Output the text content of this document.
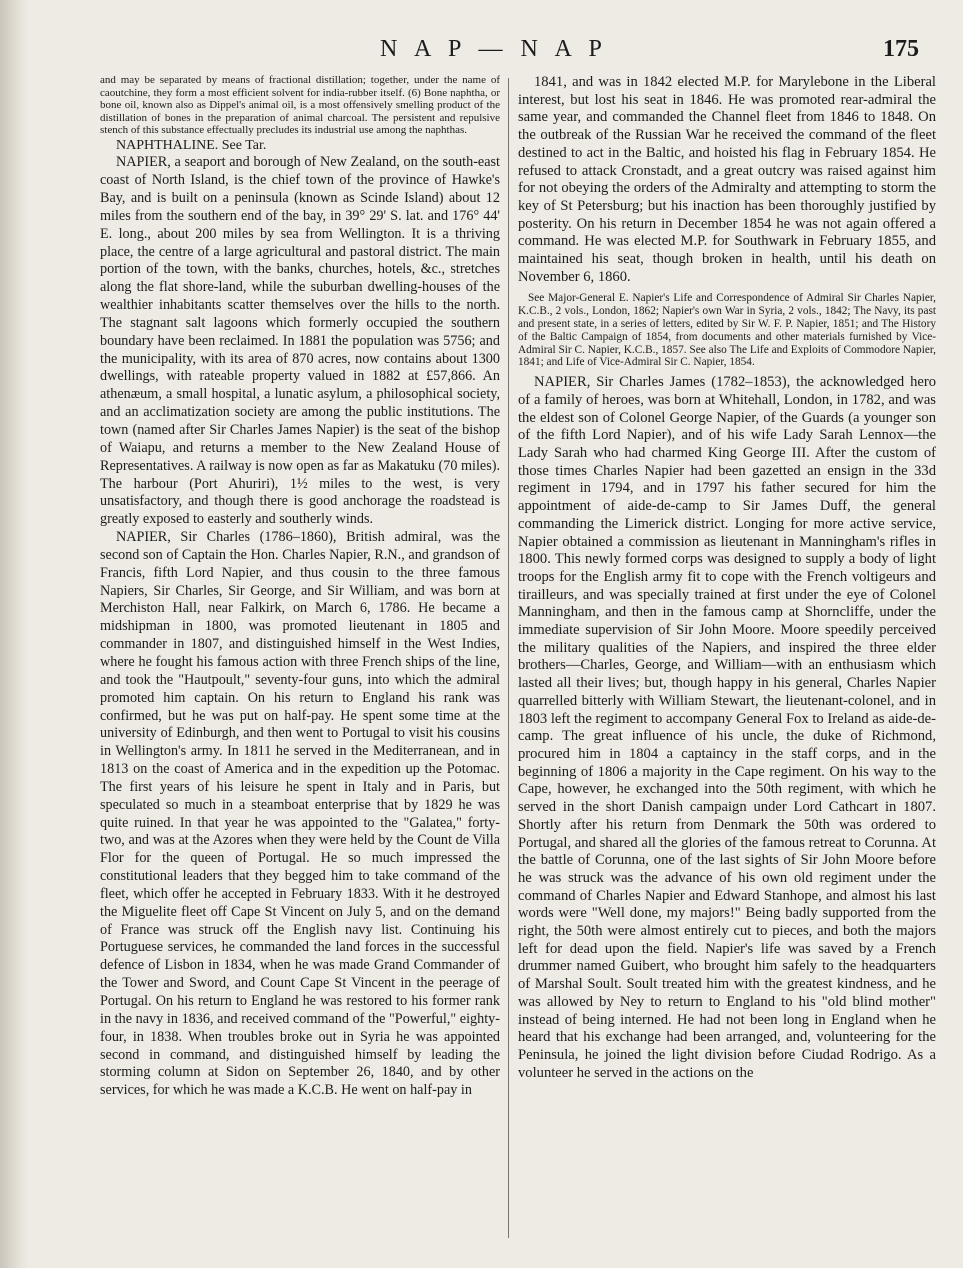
N A P — N A P	175

and may be separated by means of fractional distillation; together, under the name of caoutchine, they form a most efficient solvent for india-rubber itself. (6) Bone naphtha, or bone oil, known also as Dippel's animal oil, is a most offensively smelling product of the distillation of bones in the preparation of animal charcoal. The persistent and repulsive stench of this substance effectually precludes its industrial use among the naphthas.

NAPHTHALINE. See Tar.

NAPIER, a seaport and borough of New Zealand, on the south-east coast of North Island, is the chief town of the province of Hawke's Bay, and is built on a peninsula (known as Scinde Island) about 12 miles from the southern end of the bay, in 39° 29' S. lat. and 176° 44' E. long., about 200 miles by sea from Wellington. It is a thriving place, the centre of a large agricultural and pastoral district. The main portion of the town, with the banks, churches, hotels, &c., stretches along the flat shore-land, while the suburban dwelling-houses of the wealthier inhabitants scatter themselves over the hills to the north. The stagnant salt lagoons which formerly occupied the southern boundary have been reclaimed. In 1881 the population was 5756; and the municipality, with its area of 870 acres, now contains about 1300 dwellings, with rateable property valued in 1882 at £57,866. An athenæum, a small hospital, a lunatic asylum, a philosophical society, and an acclimatization society are among the public institutions. The town (named after Sir Charles James Napier) is the seat of the bishop of Waiapu, and returns a member to the New Zealand House of Representatives. A railway is now open as far as Makatuku (70 miles). The harbour (Port Ahuriri), 1½ miles to the west, is very unsatisfactory, and though there is good anchorage the roadstead is greatly exposed to easterly and southerly winds.

NAPIER, Sir Charles (1786–1860), British admiral, was the second son of Captain the Hon. Charles Napier, R.N., and grandson of Francis, fifth Lord Napier, and thus cousin to the three famous Napiers, Sir Charles, Sir George, and Sir William, and was born at Merchiston Hall, near Falkirk, on March 6, 1786. He became a midshipman in 1800, was promoted lieutenant in 1805 and commander in 1807, and distinguished himself in the West Indies, where he fought his famous action with three French ships of the line, and took the "Hautpoult," seventy-four guns, into which the admiral promoted him captain. On his return to England his rank was confirmed, but he was put on half-pay. He spent some time at the university of Edinburgh, and then went to Portugal to visit his cousins in Wellington's army. In 1811 he served in the Mediterranean, and in 1813 on the coast of America and in the expedition up the Potomac. The first years of his leisure he spent in Italy and in Paris, but speculated so much in a steamboat enterprise that by 1829 he was quite ruined. In that year he was appointed to the "Galatea," forty-two, and was at the Azores when they were held by the Count de Villa Flor for the queen of Portugal. He so much impressed the constitutional leaders that they begged him to take command of the fleet, which offer he accepted in February 1833. With it he destroyed the Miguelite fleet off Cape St Vincent on July 5, and on the demand of France was struck off the English navy list. Continuing his Portuguese services, he commanded the land forces in the successful defence of Lisbon in 1834, when he was made Grand Commander of the Tower and Sword, and Count Cape St Vincent in the peerage of Portugal. On his return to England he was restored to his former rank in the navy in 1836, and received command of the "Powerful," eighty-four, in 1838. When troubles broke out in Syria he was appointed second in command, and distinguished himself by leading the storming column at Sidon on September 26, 1840, and by other services, for which he was made a K.C.B. He went on half-pay in

1841, and was in 1842 elected M.P. for Marylebone in the Liberal interest, but lost his seat in 1846. He was promoted rear-admiral the same year, and commanded the Channel fleet from 1846 to 1848. On the outbreak of the Russian War he received the command of the fleet destined to act in the Baltic, and hoisted his flag in February 1854. He refused to attack Cronstadt, and a great outcry was raised against him for not obeying the orders of the Admiralty and attempting to storm the key of St Petersburg; but his inaction has been thoroughly justified by posterity. On his return in December 1854 he was not again offered a command. He was elected M.P. for Southwark in February 1855, and maintained his seat, though broken in health, until his death on November 6, 1860.

See Major-General E. Napier's Life and Correspondence of Admiral Sir Charles Napier, K.C.B., 2 vols., London, 1862; Napier's own War in Syria, 2 vols., 1842; The Navy, its past and present state, in a series of letters, edited by Sir W. F. P. Napier, 1851; and The History of the Baltic Campaign of 1854, from documents and other materials furnished by Vice-Admiral Sir C. Napier, K.C.B., 1857. See also The Life and Exploits of Commodore Napier, 1841; and Life of Vice-Admiral Sir C. Napier, 1854.

NAPIER, Sir Charles James (1782–1853), the acknowledged hero of a family of heroes, was born at Whitehall, London, in 1782, and was the eldest son of Colonel George Napier, of the Guards (a younger son of the fifth Lord Napier), and of his wife Lady Sarah Lennox—the Lady Sarah who had charmed King George III. After the custom of those times Charles Napier had been gazetted an ensign in the 33d regiment in 1794, and in 1797 his father secured for him the appointment of aide-de-camp to Sir James Duff, the general commanding the Limerick district. Longing for more active service, Napier obtained a commission as lieutenant in Manningham's rifles in 1800. This newly formed corps was designed to supply a body of light troops for the English army fit to cope with the French voltigeurs and tirailleurs, and was specially trained at first under the eye of Colonel Manningham, and then in the famous camp at Shorncliffe, under the immediate supervision of Sir John Moore. Moore speedily perceived the military qualities of the Napiers, and inspired the three elder brothers—Charles, George, and William—with an enthusiasm which lasted all their lives; but, though happy in his general, Charles Napier quarrelled bitterly with William Stewart, the lieutenant-colonel, and in 1803 left the regiment to accompany General Fox to Ireland as aide-de-camp. The great influence of his uncle, the duke of Richmond, procured him in 1804 a captaincy in the staff corps, and in the beginning of 1806 a majority in the Cape regiment. On his way to the Cape, however, he exchanged into the 50th regiment, with which he served in the short Danish campaign under Lord Cathcart in 1807. Shortly after his return from Denmark the 50th was ordered to Portugal, and shared all the glories of the famous retreat to Corunna. At the battle of Corunna, one of the last sights of Sir John Moore before he was struck was the advance of his own old regiment under the command of Charles Napier and Edward Stanhope, and almost his last words were "Well done, my majors!" Being badly supported from the right, the 50th were almost entirely cut to pieces, and both the majors left for dead upon the field. Napier's life was saved by a French drummer named Guibert, who brought him safely to the headquarters of Marshal Soult. Soult treated him with the greatest kindness, and he was allowed by Ney to return to England to his "old blind mother" instead of being interned. He had not been long in England when he heard that his exchange had been arranged, and, volunteering for the Peninsula, he joined the light division before Ciudad Rodrigo. As a volunteer he served in the actions on the
